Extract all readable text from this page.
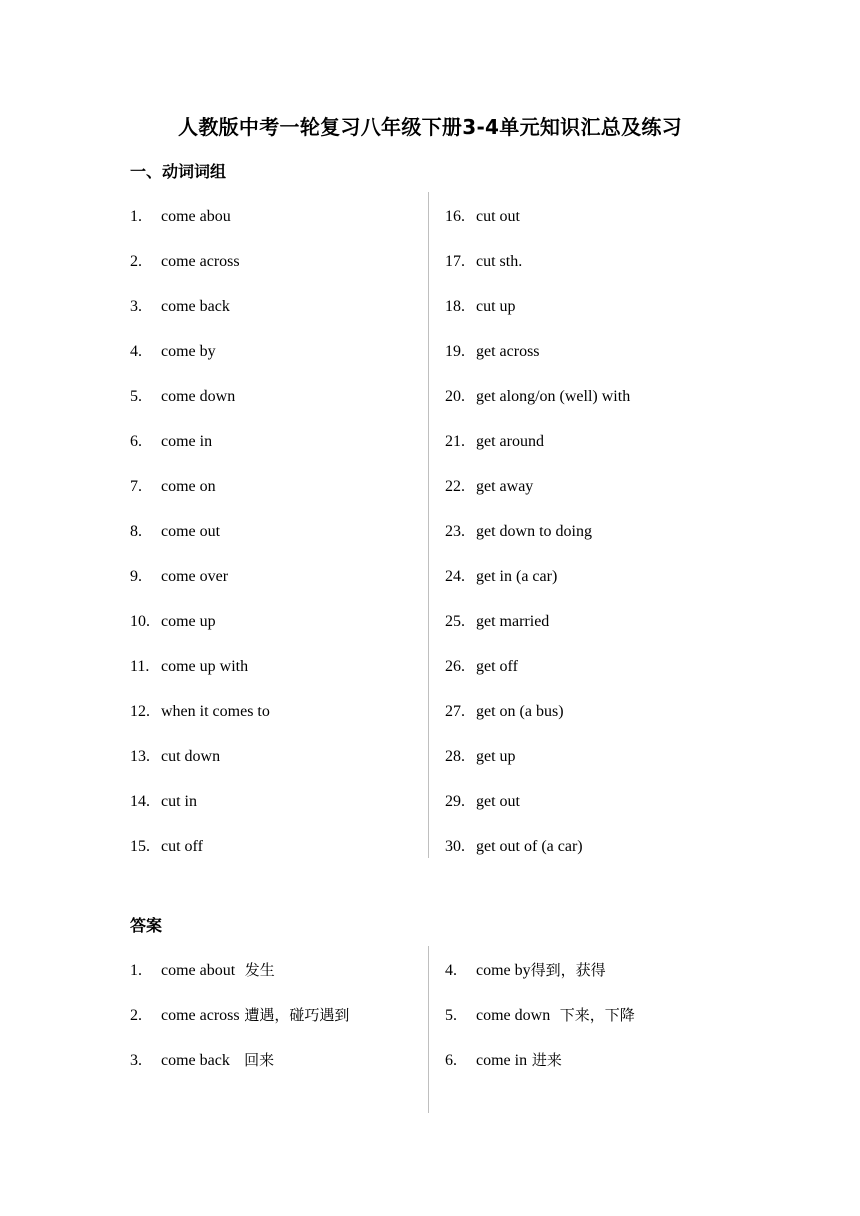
人教版中考一轮复习八年级下册3-4单元知识汇总及练习
一、动词词组
1. come abou
2. come across
3. come back
4. come by
5. come down
6. come in
7. come on
8. come out
9. come over
10. come up
11. come up with
12. when it comes to
13. cut down
14. cut in
15. cut off
16. cut out
17. cut sth.
18. cut up
19. get across
20. get along/on (well) with
21. get around
22. get away
23. get down to doing
24. get in (a car)
25. get married
26. get off
27. get on (a bus)
28. get up
29. get out
30. get out of (a car)
答案
1. come about  发生
2. come across 遭遇，碰巧遇到
3. come back   回来
4. come by得到，获得
5. come down  下来，下降
6. come in 进来
